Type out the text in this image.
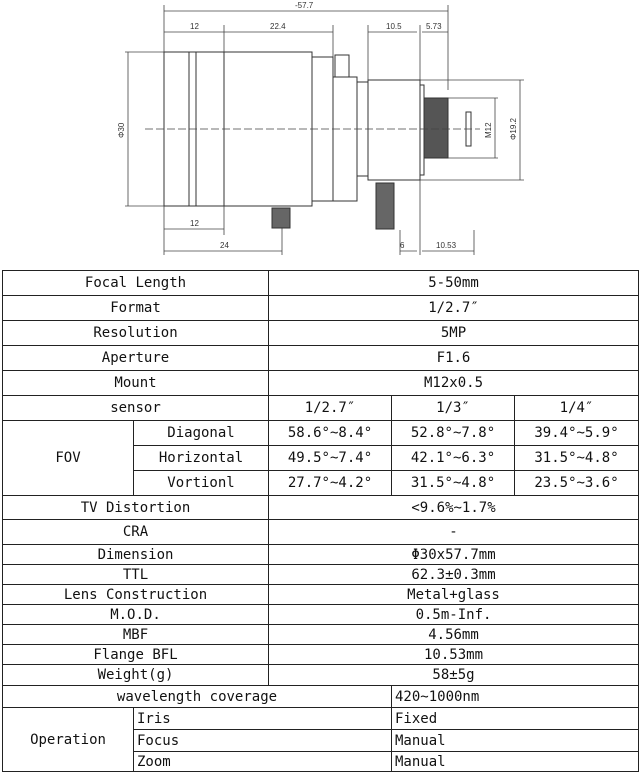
-57.7
12	22.4	10.5	5.73
Φ30	M12 Φ19.2
12
24	6	10.53
Focal Length		5-50mm		
Format		1/2.7″		
Resolution		5MP		
Aperture		F1.6		
Mount		M12x0.5		
sensor		1/2.7″	1/3″	1/4″
FOV	Diagonal	58.6°~8.4°	52.8°~7.8°	39.4°~5.9°
	Horizontal	49.5°~7.4°	42.1°~6.3°	31.5°~4.8°
	Vortionl	27.7°~4.2°	31.5°~4.8°	23.5°~3.6°
TV Distortion		<9.6%~1.7%		
CRA		-		
Dimension		Φ30x57.7mm		
TTL		62.3±0.3mm		
Lens Construction		Metal+glass		
M.O.D.		0.5m-Inf.		
MBF		4.56mm		
Flange BFL		10.53mm		
Weight(g)		58±5g		
wavelength coverage			420~1000nm	
Operation	Iris		Fixed	
	Focus		Manual	
	Zoom		Manual	
